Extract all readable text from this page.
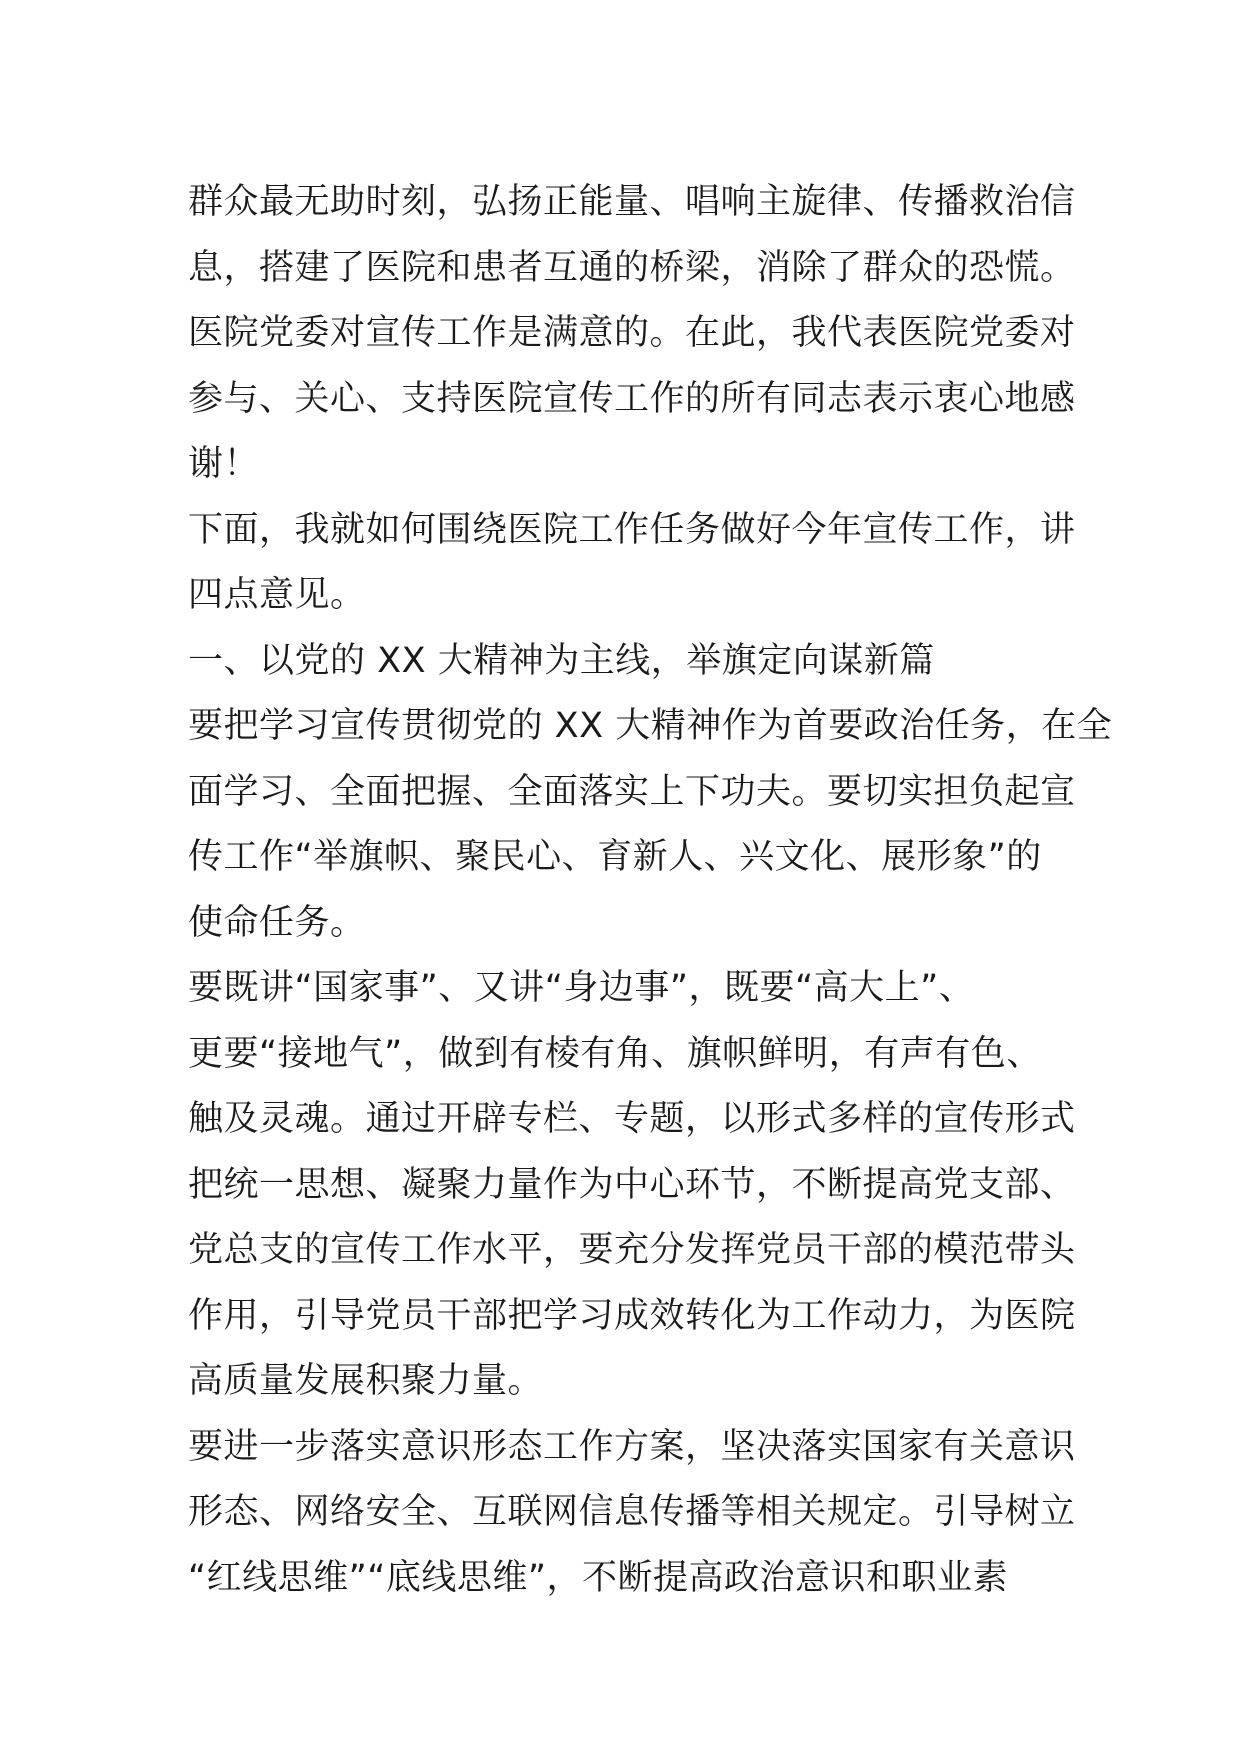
群众最无助时刻，弘扬正能量、唱响主旋律、传播救治信
息，搭建了医院和患者互通的桥梁，消除了群众的恐慌。
医院党委对宣传工作是满意的。在此，我代表医院党委对
参与、关心、支持医院宣传工作的所有同志表示衷心地感
谢！
下面，我就如何围绕医院工作任务做好今年宣传工作，讲
四点意见。
一、以党的 XX 大精神为主线，举旗定向谋新篇
要把学习宣传贯彻党的 XX 大精神作为首要政治任务，在全
面学习、全面把握、全面落实上下功夫。要切实担负起宣
传工作“举旗帜、聚民心、育新人、兴文化、展形象”的
使命任务。
要既讲“国家事”、又讲“身边事”，既要“高大上”、
更要“接地气”，做到有棱有角、旗帜鲜明，有声有色、
触及灵魂。通过开辟专栏、专题，以形式多样的宣传形式
把统一思想、凝聚力量作为中心环节，不断提高党支部、
党总支的宣传工作水平，要充分发挥党员干部的模范带头
作用，引导党员干部把学习成效转化为工作动力，为医院
高质量发展积聚力量。
要进一步落实意识形态工作方案，坚决落实国家有关意识
形态、网络安全、互联网信息传播等相关规定。引导树立
“红线思维”“底线思维”，不断提高政治意识和职业素
